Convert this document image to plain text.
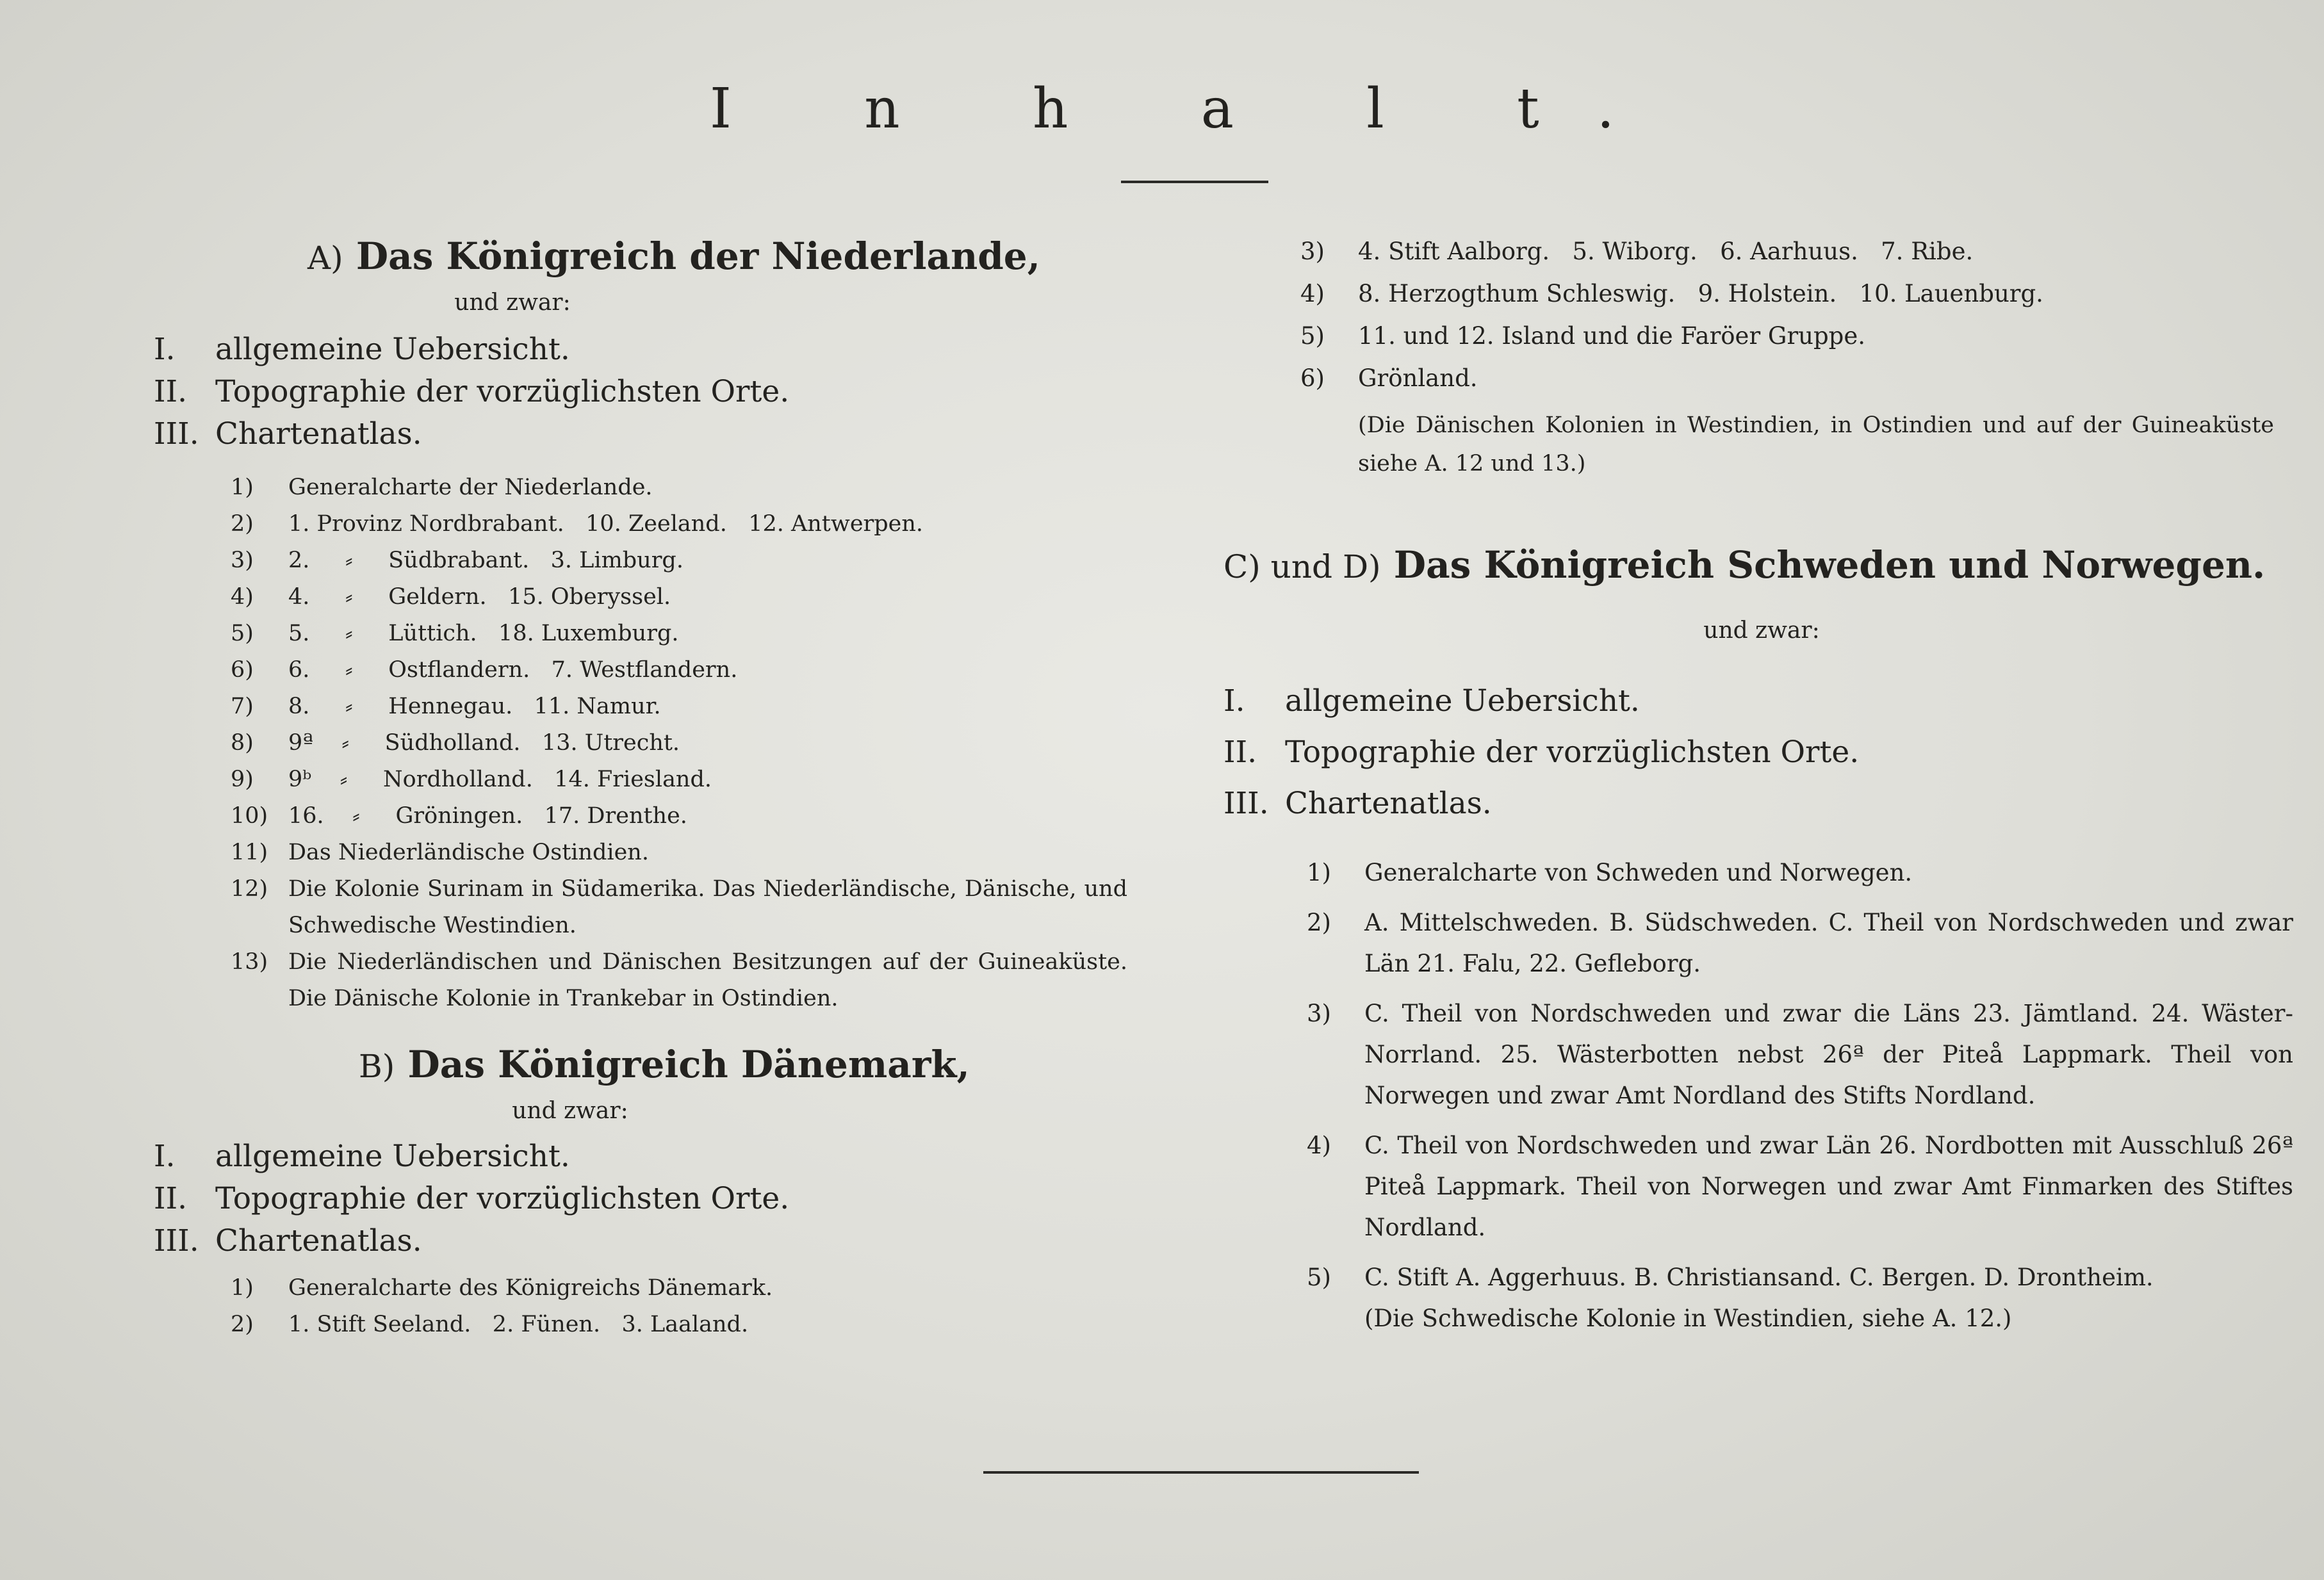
I n h a l t.
A) Das Königreich der Niederlande,
und zwar:
I. allgemeine Uebersicht.
II. Topographie der vorzüglichsten Orte.
III. Chartenatlas.
1)	Generalcharte der Niederlande.
2)	1. Provinz Nordbrabant.   10. Zeeland.   12. Antwerpen.
3)	2.     ⸗     Südbrabant.   3. Limburg.
4)	4.     ⸗     Geldern.   15. Oberyssel.
5)	5.     ⸗     Lüttich.   18. Luxemburg.
6)	6.     ⸗     Ostflandern.   7. Westflandern.
7)	8.     ⸗     Hennegau.   11. Namur.
8)	9ª    ⸗     Südholland.   13. Utrecht.
9)	9ᵇ    ⸗     Nordholland.   14. Friesland.
10) 16.    ⸗     Gröningen.   17. Drenthe.
11) Das Niederländische Ostindien.
12) Die Kolonie Surinam in Südamerika. Das Niederländische, Dänische, und Schwedische Westindien.
13) Die Niederländischen und Dänischen Besitzungen auf der Guineaküste. Die Dänische Kolonie in Trankebar in Ostindien.
B) Das Königreich Dänemark,
und zwar:
I. allgemeine Uebersicht.
II. Topographie der vorzüglichsten Orte.
III. Chartenatlas.
1)	Generalcharte des Königreichs Dänemark.
2)	1. Stift Seeland.   2. Fünen.   3. Laaland.
3)	4. Stift Aalborg.   5. Wiborg.   6. Aarhuus.   7. Ribe.
4)	8. Herzogthum Schleswig.   9. Holstein.   10. Lauenburg.
5)	11. und 12. Island und die Faröer Gruppe.
6)	Grönland.
(Die Dänischen Kolonien in Westindien, in Ostindien und auf der Guineaküste siehe A. 12 und 13.)
C) und D) Das Königreich Schweden und Norwegen.
und zwar:
I. allgemeine Uebersicht.
II. Topographie der vorzüglichsten Orte.
III. Chartenatlas.
1)	Generalcharte von Schweden und Norwegen.
2)	A. Mittelschweden. B. Südschweden. C. Theil von Nordschweden und zwar Län 21. Falu, 22. Gefleborg.
3)	C. Theil von Nordschweden und zwar die Läns 23. Jämtland. 24. Wäster-Norrland. 25. Wästerbotten nebst 26ª der Piteå Lappmark. Theil von Norwegen und zwar Amt Nordland des Stifts Nordland.
4)	C. Theil von Nordschweden und zwar Län 26. Nordbotten mit Ausschluß 26ª Piteå Lappmark. Theil von Norwegen und zwar Amt Finmarken des Stiftes Nordland.
5)	C. Stift A. Aggerhuus. B. Christiansand. C. Bergen. D. Drontheim.
(Die Schwedische Kolonie in Westindien, siehe A. 12.)
